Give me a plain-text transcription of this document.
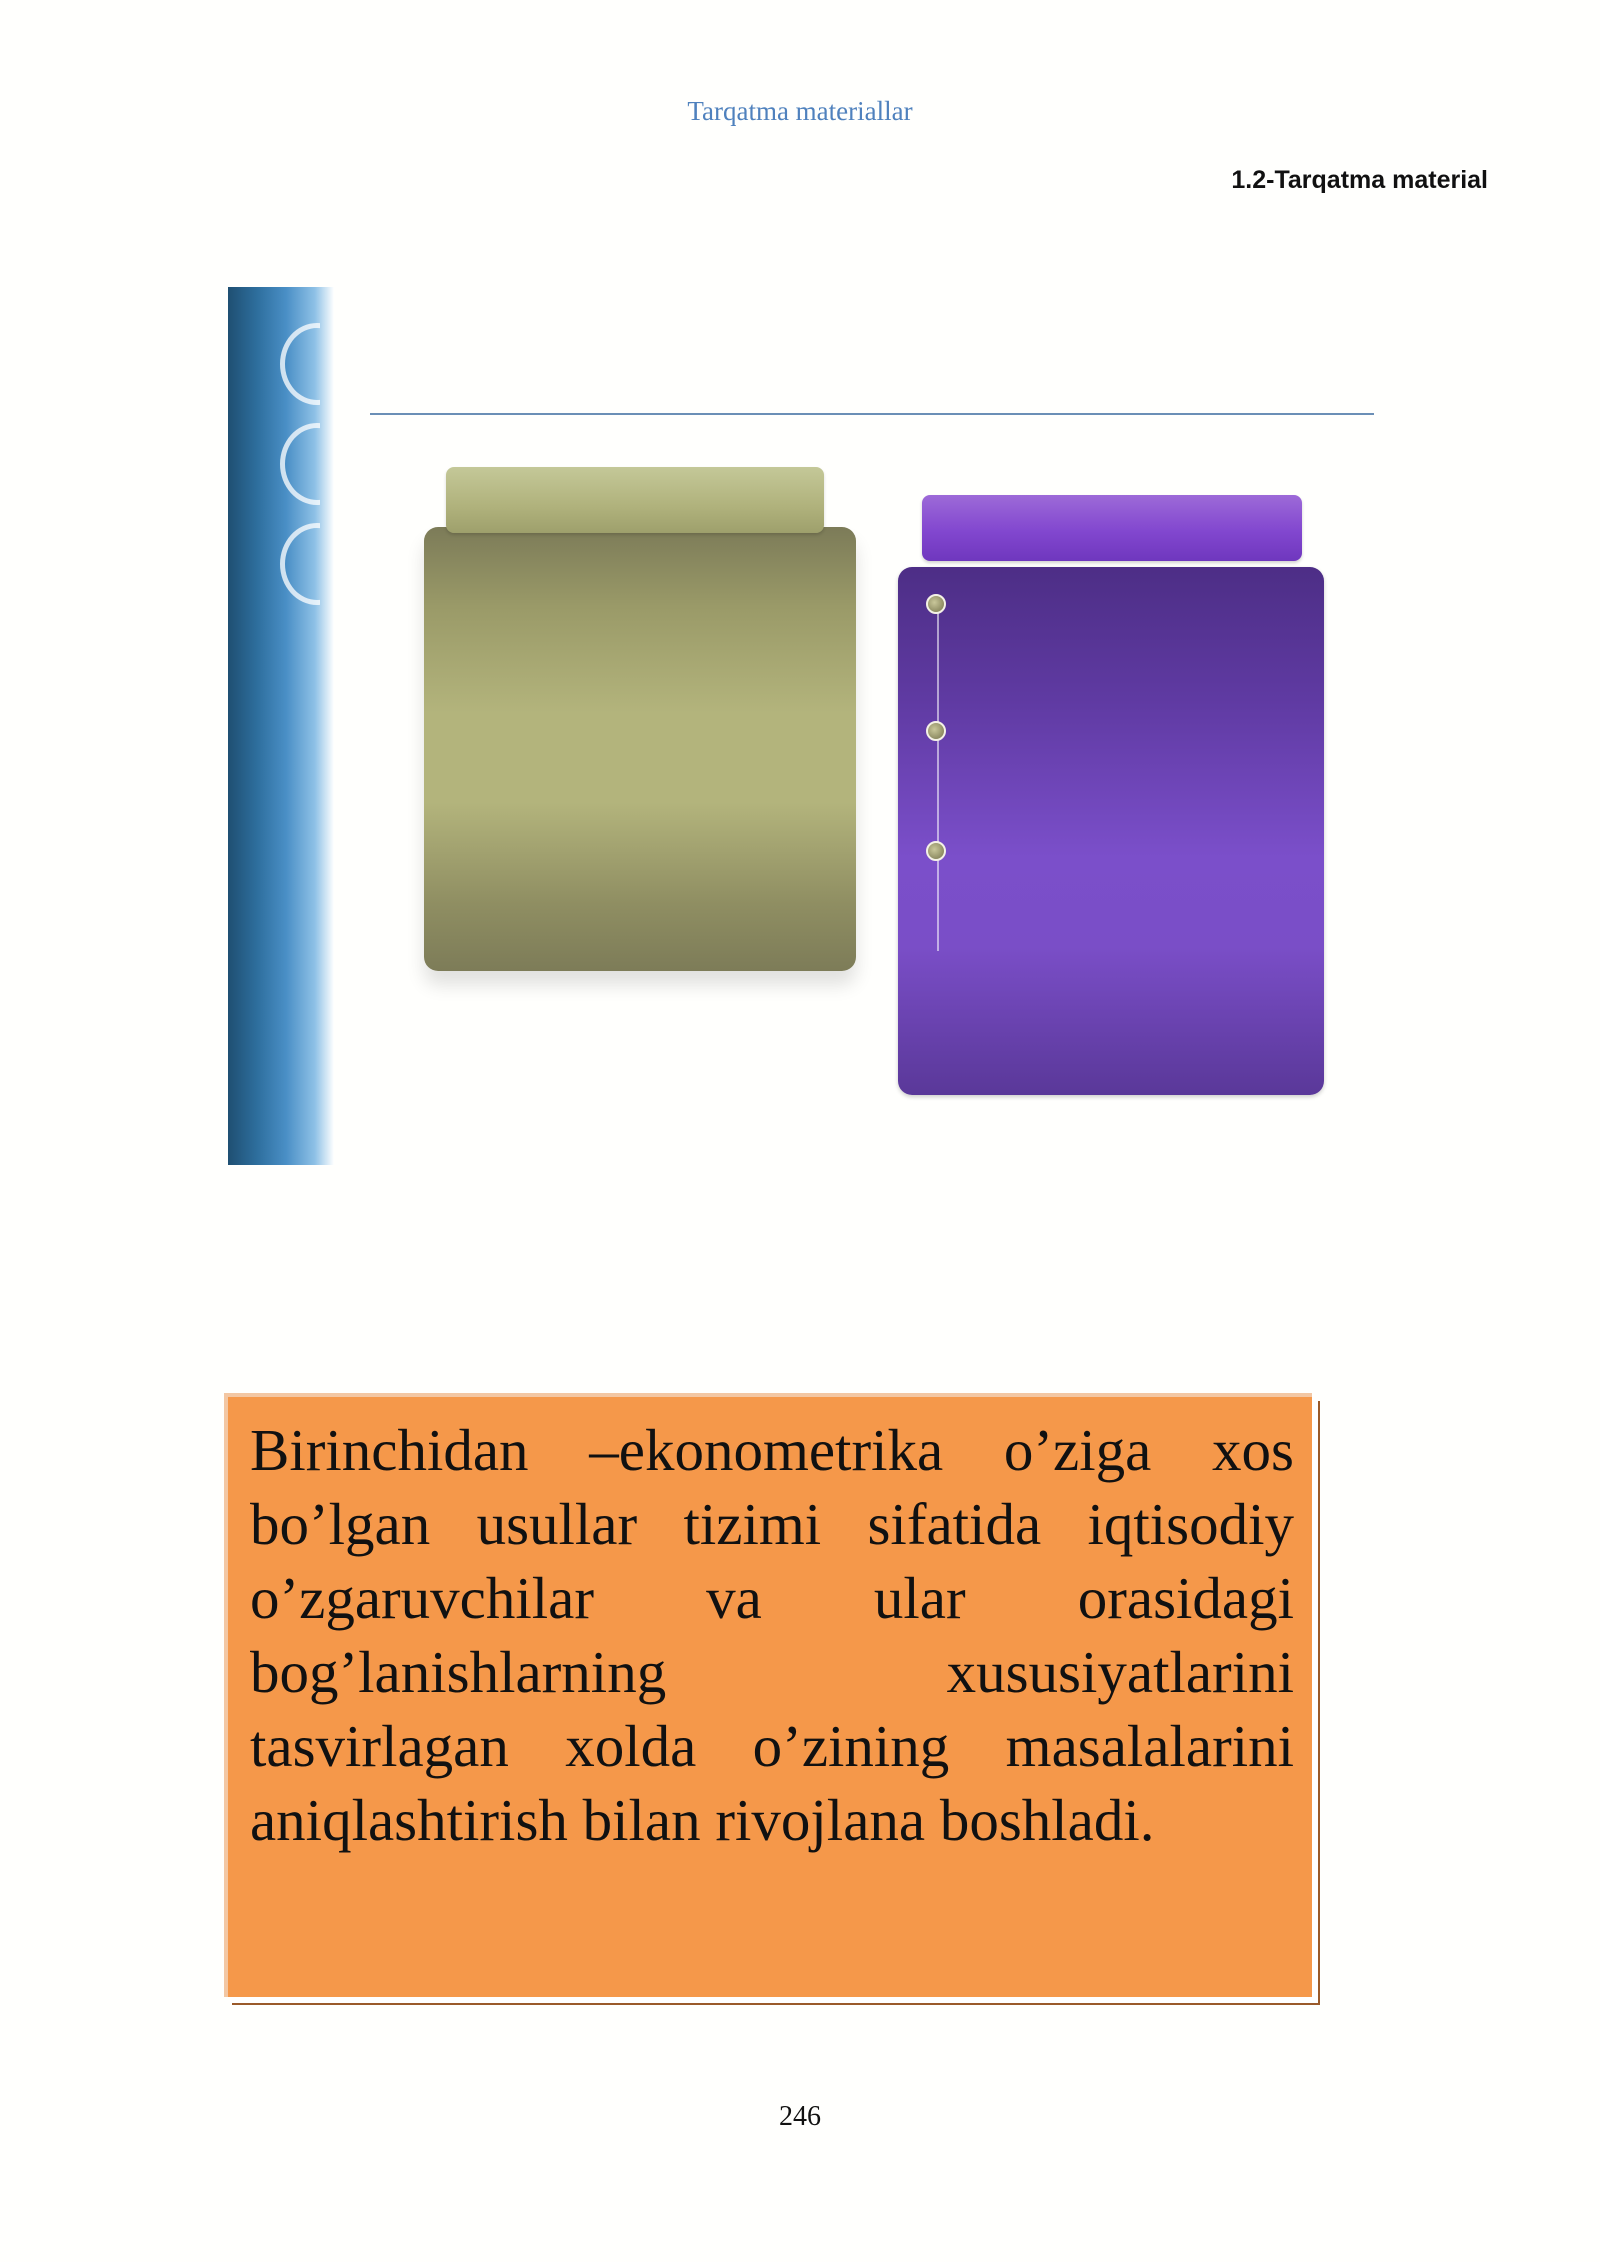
Tarqatma materiallar
1.2-Tarqatma material
Birinchidan –ekonometrika o’ziga xos bo’lgan usullar tizimi sifatida iqtisodiy o’zgaruvchilar va ular orasidagi bog’lanishlarning xususiyatlarini tasvirlagan xolda o’zining masalalarini aniqlashtirish bilan rivojlana boshladi.
246
